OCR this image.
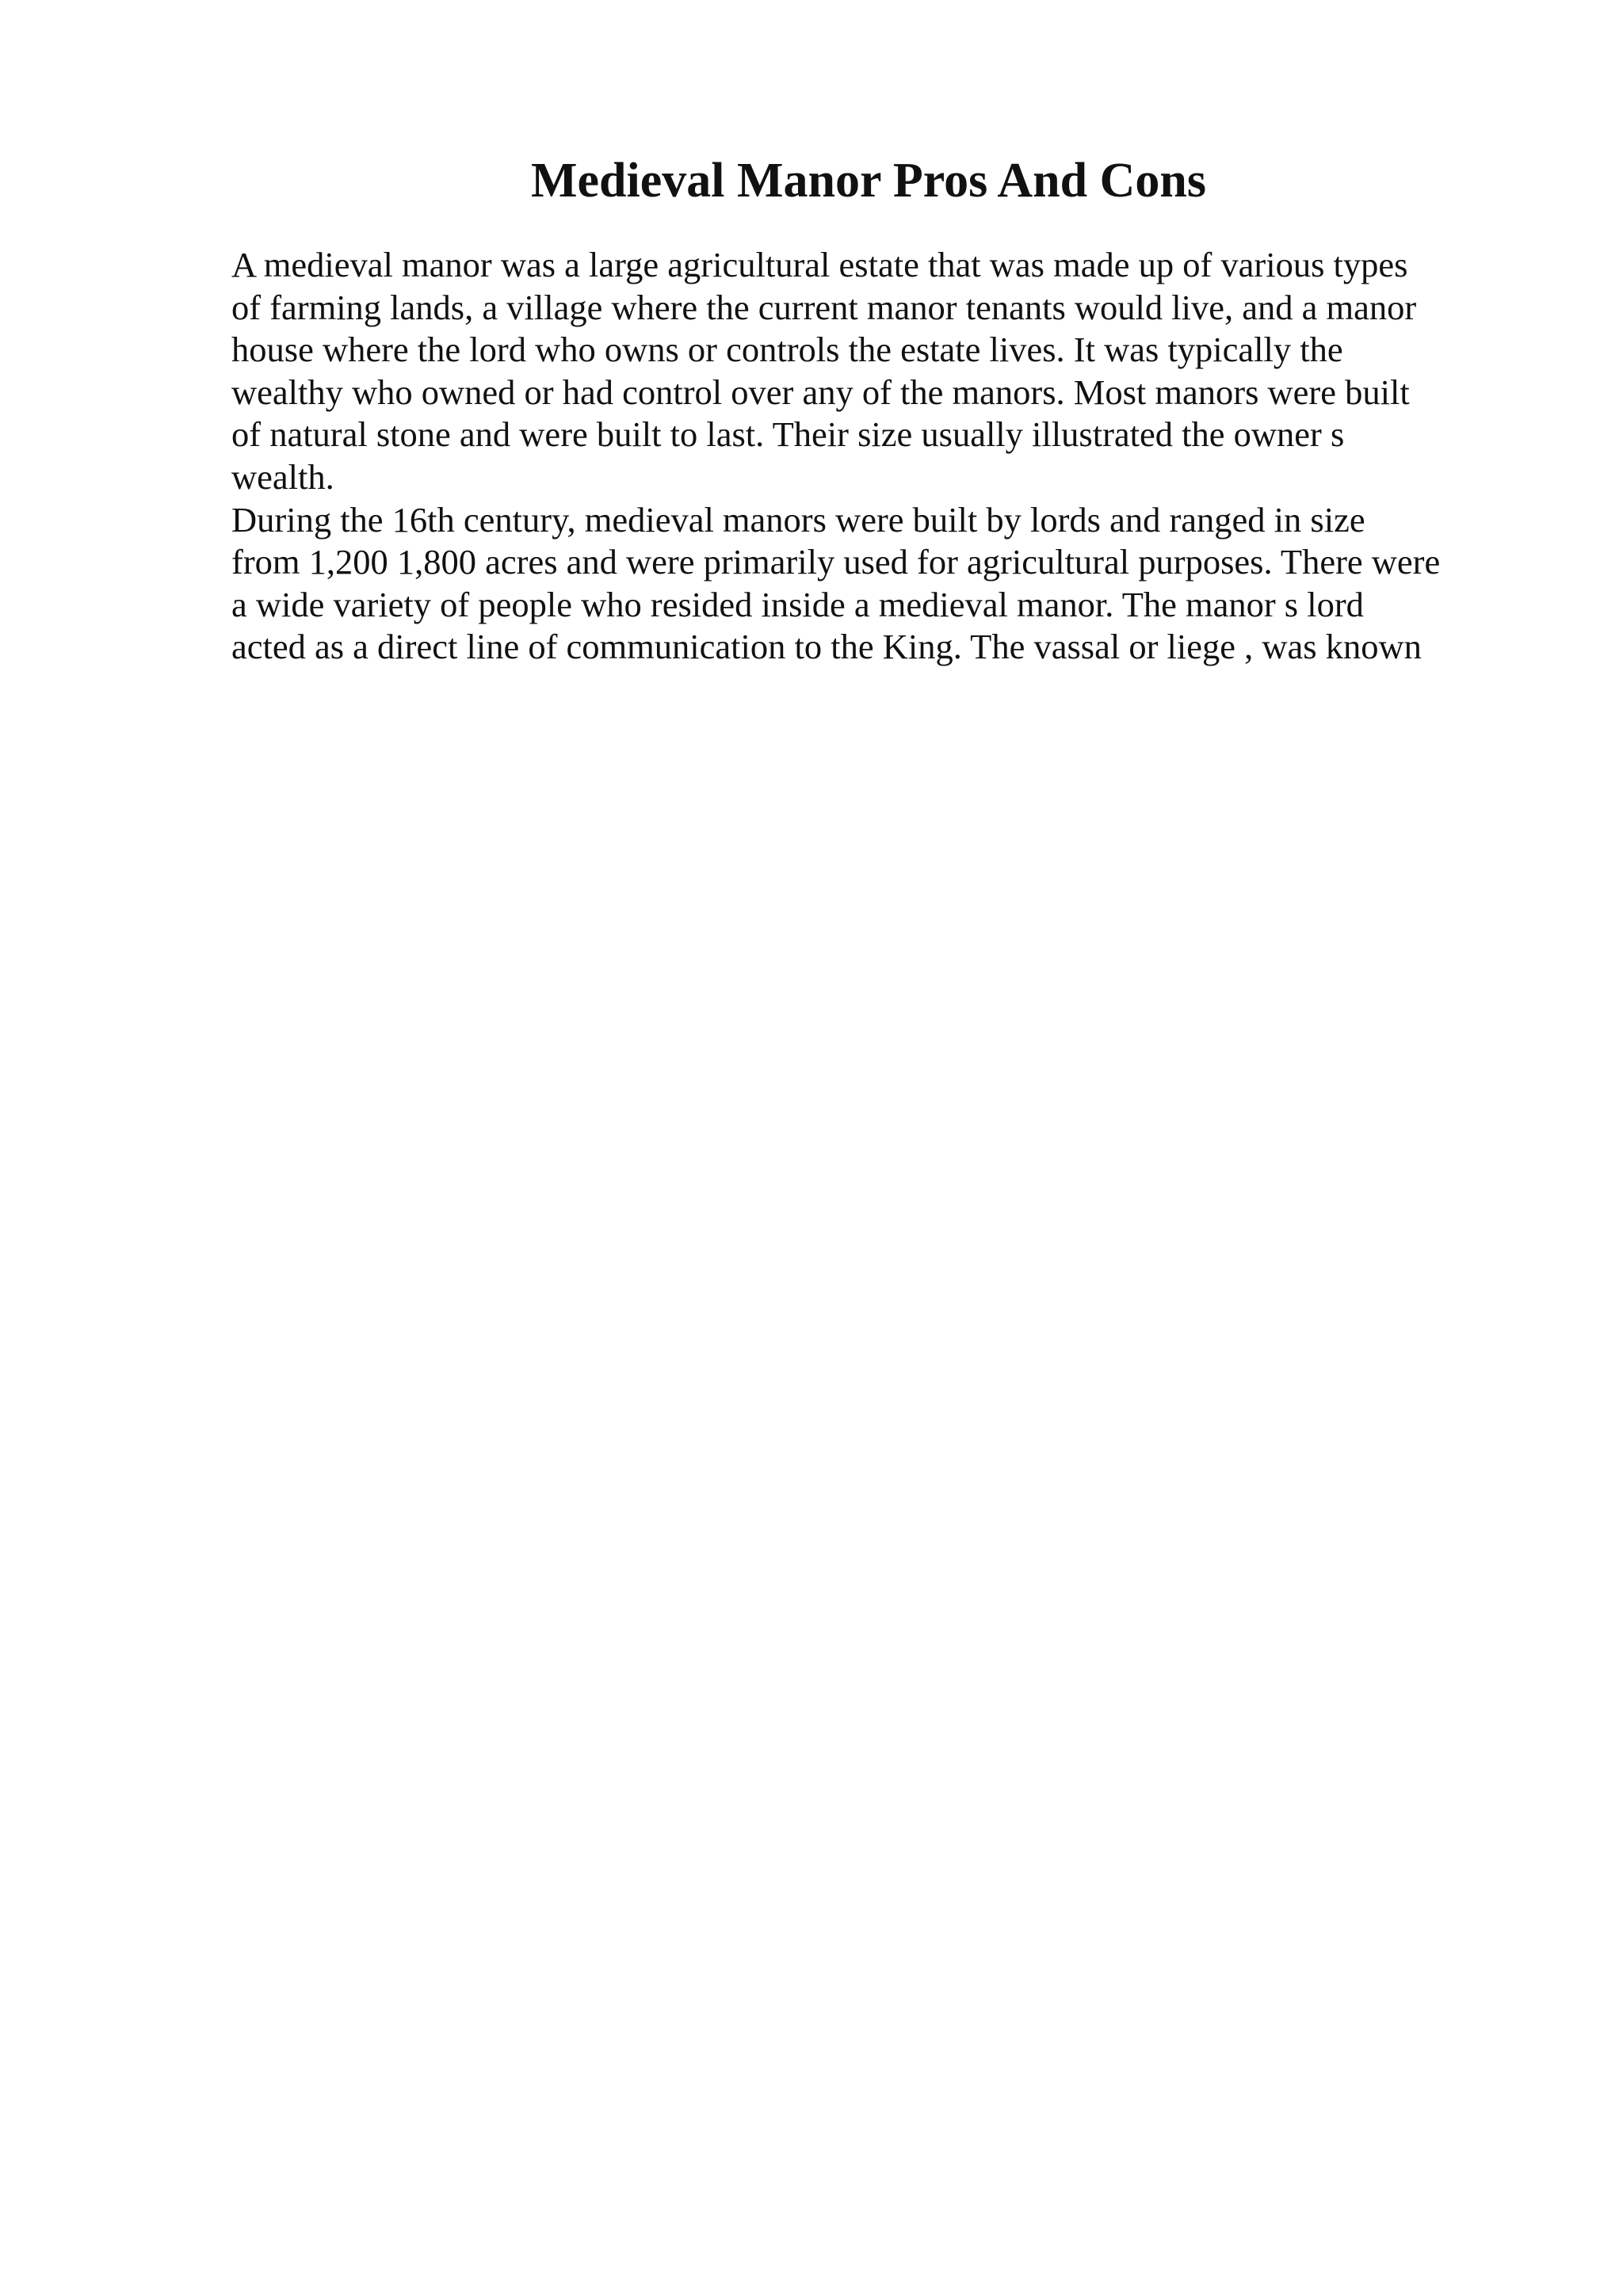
Medieval Manor Pros And Cons
A medieval manor was a large agricultural estate that was made up of various types
of farming lands, a village where the current manor tenants would live, and a manor
house where the lord who owns or controls the estate lives. It was typically the
wealthy who owned or had control over any of the manors. Most manors were built
of natural stone and were built to last. Their size usually illustrated the owner s
wealth.
During the 16th century, medieval manors were built by lords and ranged in size
from 1,200 1,800 acres and were primarily used for agricultural purposes. There were
a wide variety of people who resided inside a medieval manor. The manor s lord
acted as a direct line of communication to the King. The vassal or liege , was known
